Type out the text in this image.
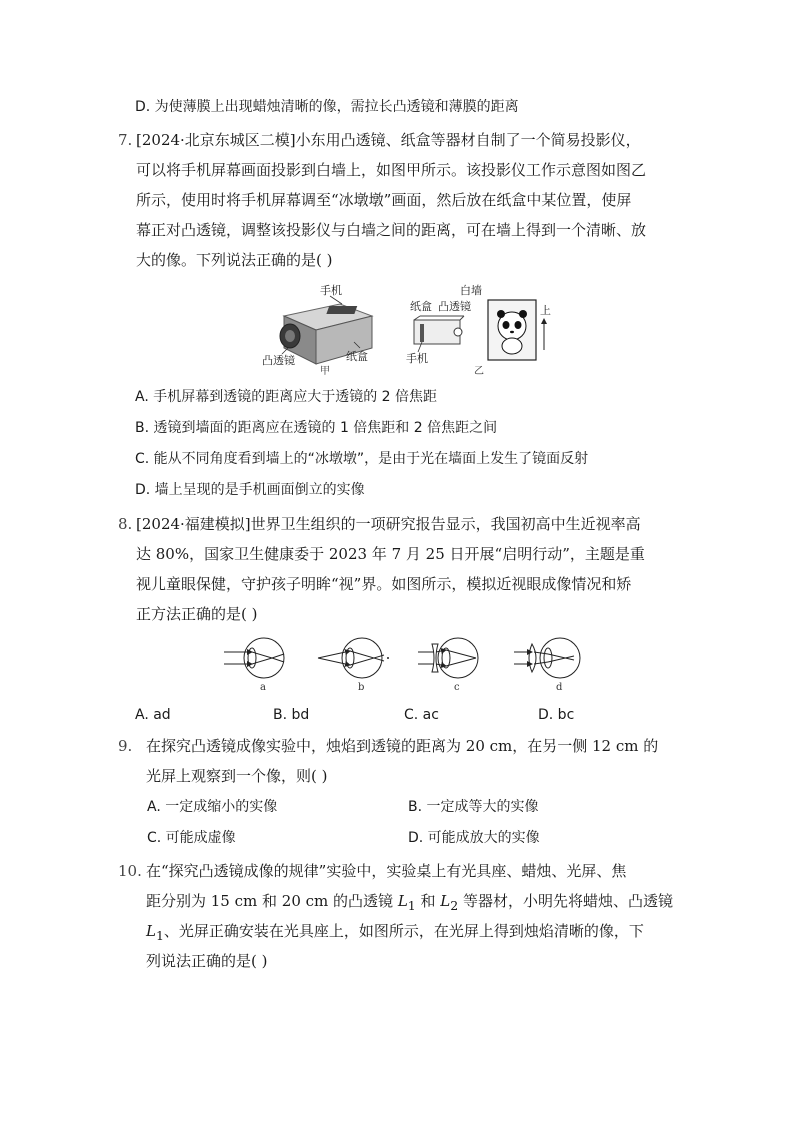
D. 为使薄膜上出现蜡烛清晰的像，需拉长凸透镜和薄膜的距离
7. [2024·北京东城区二模]小东用凸透镜、纸盒等器材自制了一个简易投影仪，
可以将手机屏幕画面投影到白墙上，如图甲所示。该投影仪工作示意图如图乙
所示，使用时将手机屏幕调至“冰墩墩”画面，然后放在纸盒中某位置，使屏
幕正对凸透镜，调整该投影仪与白墙之间的距离，可在墙上得到一个清晰、放
大的像。下列说法正确的是( )
手机
凸透镜	纸盒
甲
白墙
纸盒 凸透镜
手机
上
乙
A. 手机屏幕到透镜的距离应大于透镜的 2 倍焦距
B. 透镜到墙面的距离应在透镜的 1 倍焦距和 2 倍焦距之间
C. 能从不同角度看到墙上的“冰墩墩”，是由于光在墙面上发生了镜面反射
D. 墙上呈现的是手机画面倒立的实像
8. [2024·福建模拟]世界卫生组织的一项研究报告显示，我国初高中生近视率高
达 80%，国家卫生健康委于 2023 年 7 月 25 日开展“启明行动”，主题是重
视儿童眼保健，守护孩子明眸“视”界。如图所示，模拟近视眼成像情况和矫
正方法正确的是( )
a	b	c	d
A. ad	B. bd	C. ac	D. bc
9. 在探究凸透镜成像实验中，烛焰到透镜的距离为 20 cm，在另一侧 12 cm 的
光屏上观察到一个像，则( )
A. 一定成缩小的实像	B. 一定成等大的实像
C. 可能成虚像	D. 可能成放大的实像
10. 在“探究凸透镜成像的规律”实验中，实验桌上有光具座、蜡烛、光屏、焦
距分别为 15 cm 和 20 cm 的凸透镜 $L_1$ 和 $L_2$ 等器材，小明先将蜡烛、凸透镜
$L_1$、光屏正确安装在光具座上，如图所示，在光屏上得到烛焰清晰的像，下
列说法正确的是( )
